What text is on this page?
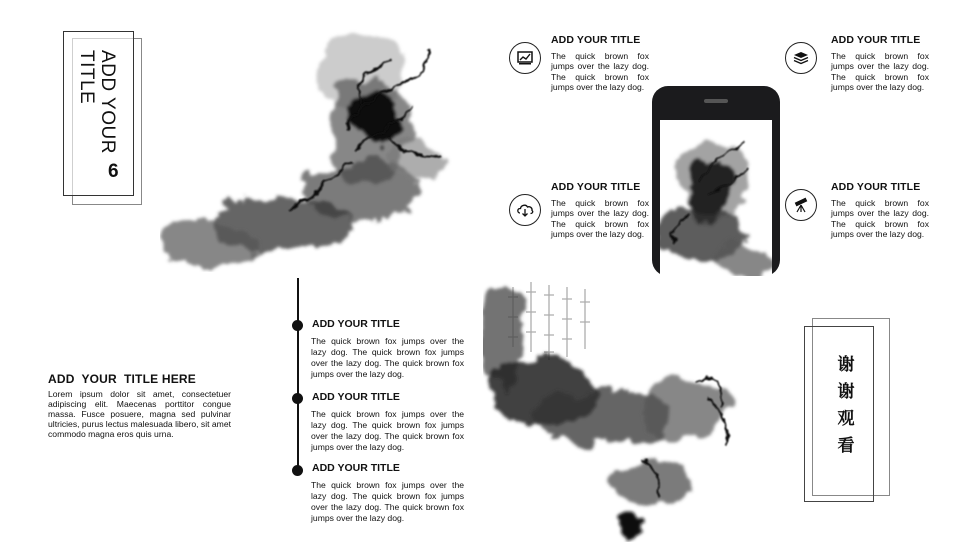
ADD YOUR
TITLE
6
ADD YOUR TITLE

The quick brown fox jumps over the lazy dog. The quick brown fox jumps over the lazy dog.

ADD YOUR TITLE

The quick brown fox jumps over the lazy dog. The quick brown fox jumps over the lazy dog.

ADD YOUR TITLE

The quick brown fox jumps over the lazy dog. The quick brown fox jumps over the lazy dog.

ADD YOUR TITLE

The quick brown fox jumps over the lazy dog. The quick brown fox jumps over the lazy dog.

ADD  YOUR  TITLE HERE
Lorem ipsum dolor sit amet, consectetuer adipiscing elit. Maecenas porttitor congue massa. Fusce posuere, magna sed pulvinar ultricies, purus lectus malesuada libero, sit amet commodo magna eros quis urna.
ADD YOUR TITLE

The quick brown fox jumps over the lazy dog. The quick brown fox jumps over the lazy dog. The quick brown fox jumps over the lazy dog.

ADD YOUR TITLE

The quick brown fox jumps over the lazy dog. The quick brown fox jumps over the lazy dog. The quick brown fox jumps over the lazy dog.

ADD YOUR TITLE

The quick brown fox jumps over the lazy dog. The quick brown fox jumps over the lazy dog. The quick brown fox jumps over the lazy dog.

谢
谢
观
看
